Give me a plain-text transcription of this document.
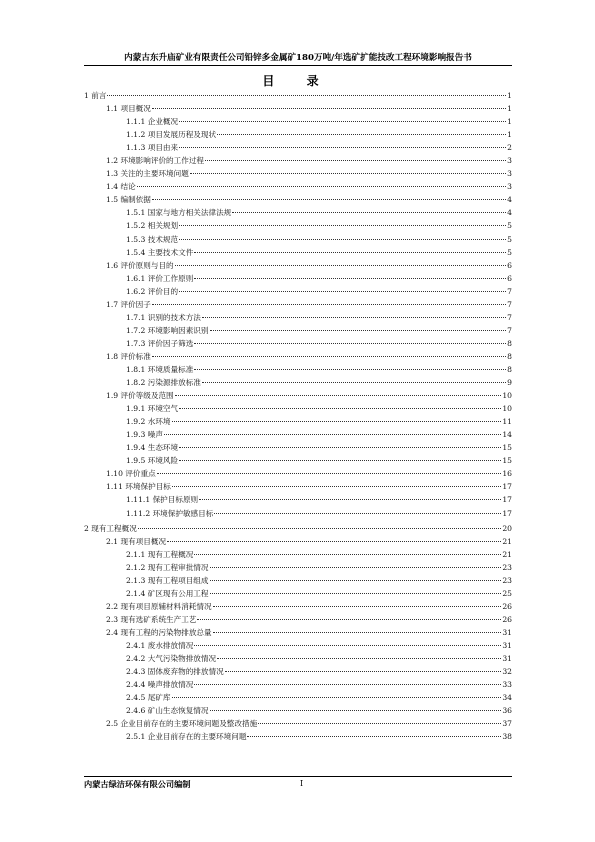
内蒙古东升庙矿业有限责任公司铅锌多金属矿180万吨/年选矿扩能技改工程环境影响报告书
目 录
1 前言	1
1.1 项目概况	1
1.1.1 企业概况	1
1.1.2 项目发展历程及现状	1
1.1.3 项目由来	2
1.2 环境影响评价的工作过程	3
1.3 关注的主要环境问题	3
1.4 结论	3
1.5 编制依据	4
1.5.1 国家与地方相关法律法规	4
1.5.2 相关规划	5
1.5.3 技术规范	5
1.5.4 主要技术文件	5
1.6 评价原则与目的	6
1.6.1 评价工作原则	6
1.6.2 评价目的	7
1.7 评价因子	7
1.7.1 识别的技术方法	7
1.7.2 环境影响因素识别	7
1.7.3 评价因子筛选	8
1.8 评价标准	8
1.8.1 环境质量标准	8
1.8.2 污染源排放标准	9
1.9 评价等级及范围	10
1.9.1 环境空气	10
1.9.2 水环境	11
1.9.3 噪声	14
1.9.4 生态环境	15
1.9.5 环境风险	15
1.10 评价重点	16
1.11 环境保护目标	17
1.11.1 保护目标原则	17
1.11.2 环境保护敏感目标	17
2 现有工程概况	20
2.1 现有项目概况	21
2.1.1 现有工程概况	21
2.1.2 现有工程审批情况	23
2.1.3 现有工程项目组成	23
2.1.4 矿区现有公用工程	25
2.2 现有项目原辅材料消耗情况	26
2.3 现有选矿系统生产工艺	26
2.4 现有工程的污染物排放总量	31
2.4.1 废水排放情况	31
2.4.2 大气污染物排放情况	31
2.4.3 固体废弃物的排放情况	32
2.4.4 噪声排放情况	33
2.4.5 尾矿库	34
2.4.6 矿山生态恢复情况	36
2.5 企业目前存在的主要环境问题及整改措施	37
2.5.1 企业目前存在的主要环境问题	38
内蒙古绿洁环保有限公司编制	I
